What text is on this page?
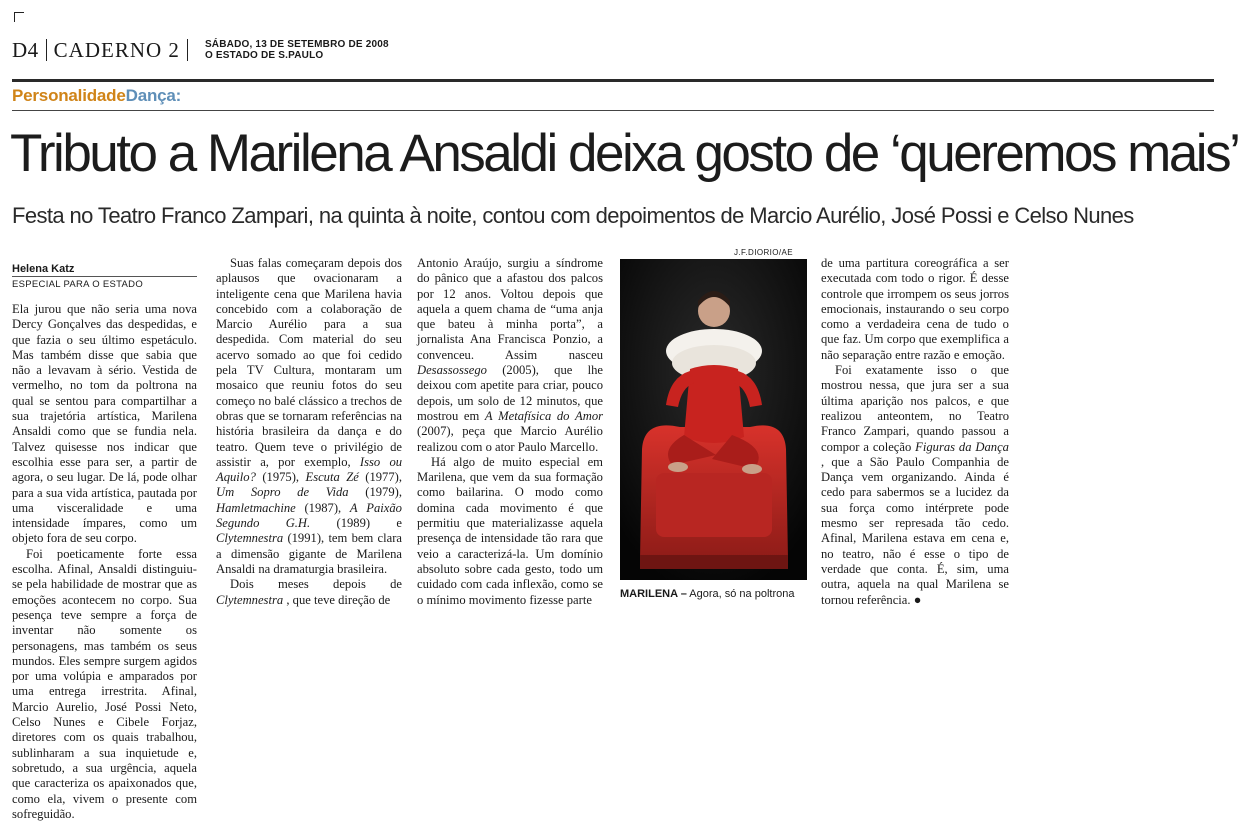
D4 CADERNO 2	SÁBADO, 13 DE SETEMBRO DE 2008
O ESTADO DE S.PAULO
PersonalidadeDança:
Tributo a Marilena Ansaldi deixa gosto de ‘queremos mais’
Festa no Teatro Franco Zampari, na quinta à noite, contou com depoimentos de Marcio Aurélio, José Possi e Celso Nunes
Helena Katz
ESPECIAL PARA O ESTADO

Ela jurou que não seria uma nova Dercy Gonçalves das despedidas, e que fazia o seu último espetáculo. Mas também disse que sabia que não a levavam à sério. Vestida de vermelho, no tom da poltrona na qual se sentou para compartilhar a sua trajetória artística, Marilena Ansaldi como que se fundia nela. Talvez quisesse nos indicar que escolhia esse para ser, a partir de agora, o seu lugar. De lá, pode olhar para a sua vida artística, pautada por uma visceralidade e uma intensidade ímpares, como um objeto fora de seu corpo.

Foi poeticamente forte essa escolha. Afinal, Ansaldi distinguiu-se pela habilidade de mostrar que as emoções acontecem no corpo. Sua pesença teve sempre a força de inventar não somente os personagens, mas também os seus mundos. Eles sempre surgem agidos por uma volúpia e amparados por uma entrega irrestrita. Afinal, Marcio Aurelio, José Possi Neto, Celso Nunes e Cibele Forjaz, diretores com os quais trabalhou, sublinharam a sua inquietude e, sobretudo, a sua urgência, aquela que caracteriza os apaixonados que, como ela, vivem o presente com sofreguidão.

Suas falas começaram depois dos aplausos que ovacionaram a inteligente cena que Marilena havia concebido com a colaboração de Marcio Aurélio para a sua despedida. Com material do seu acervo somado ao que foi cedido pela TV Cultura, montaram um mosaico que reuniu fotos do seu começo no balé clássico a trechos de obras que se tornaram referências na história brasileira da dança e do teatro. Quem teve o privilégio de assistir a, por exemplo, Isso ou Aquilo? (1975), Escuta Zé (1977), Um Sopro de Vida (1979), Hamletmachine (1987), A Paixão Segundo G.H. (1989) e Clytemnestra (1991), tem bem clara a dimensão gigante de Marilena Ansaldi na dramaturgia brasileira.

Dois meses depois de Clytemnestra , que teve direção de

Antonio Araújo, surgiu a síndrome do pânico que a afastou dos palcos por 12 anos. Voltou depois que aquela a quem chama de “uma anja que bateu à minha porta”, a jornalista Ana Francisca Ponzio, a convenceu. Assim	nasceu Desassossego (2005), que lhe deixou com apetite para criar, pouco depois, um solo de 12 minutos, que mostrou em A Metafísica do Amor (2007), peça que Marcio Aurélio realizou com o ator Paulo Marcello.

Há algo de muito especial em Marilena, que vem da sua formação como bailarina. O modo como domina cada movimento é que permitiu que materializasse aquela presença de intensidade tão rara que veio a caracterizá-la. Um domínio absoluto sobre cada gesto, todo um cuidado com cada inflexão, como se o mínimo movimento fizesse parte

J.F.DIORIO/AE
MARILENA – Agora, só na poltrona

de uma partitura coreográfica a ser executada com todo o rigor. É desse controle que irrompem os seus jorros emocionais, instaurando o seu corpo como a verdadeira cena de tudo o que faz. Um corpo que exemplifica a não separação entre razão e emoção.

Foi exatamente isso o que mostrou nessa, que jura ser a sua última aparição nos palcos, e que realizou anteontem, no Teatro Franco Zampari, quando passou a compor a coleção Figuras da Dança , que a São Paulo Companhia de Dança vem organizando. Ainda é cedo para sabermos se a lucidez da sua força como intérprete pode mesmo ser represada tão cedo. Afinal, Marilena estava em cena e, no teatro, não é esse o tipo de verdade que conta. É, sim, uma outra, aquela na qual Marilena se tornou referência. ●
